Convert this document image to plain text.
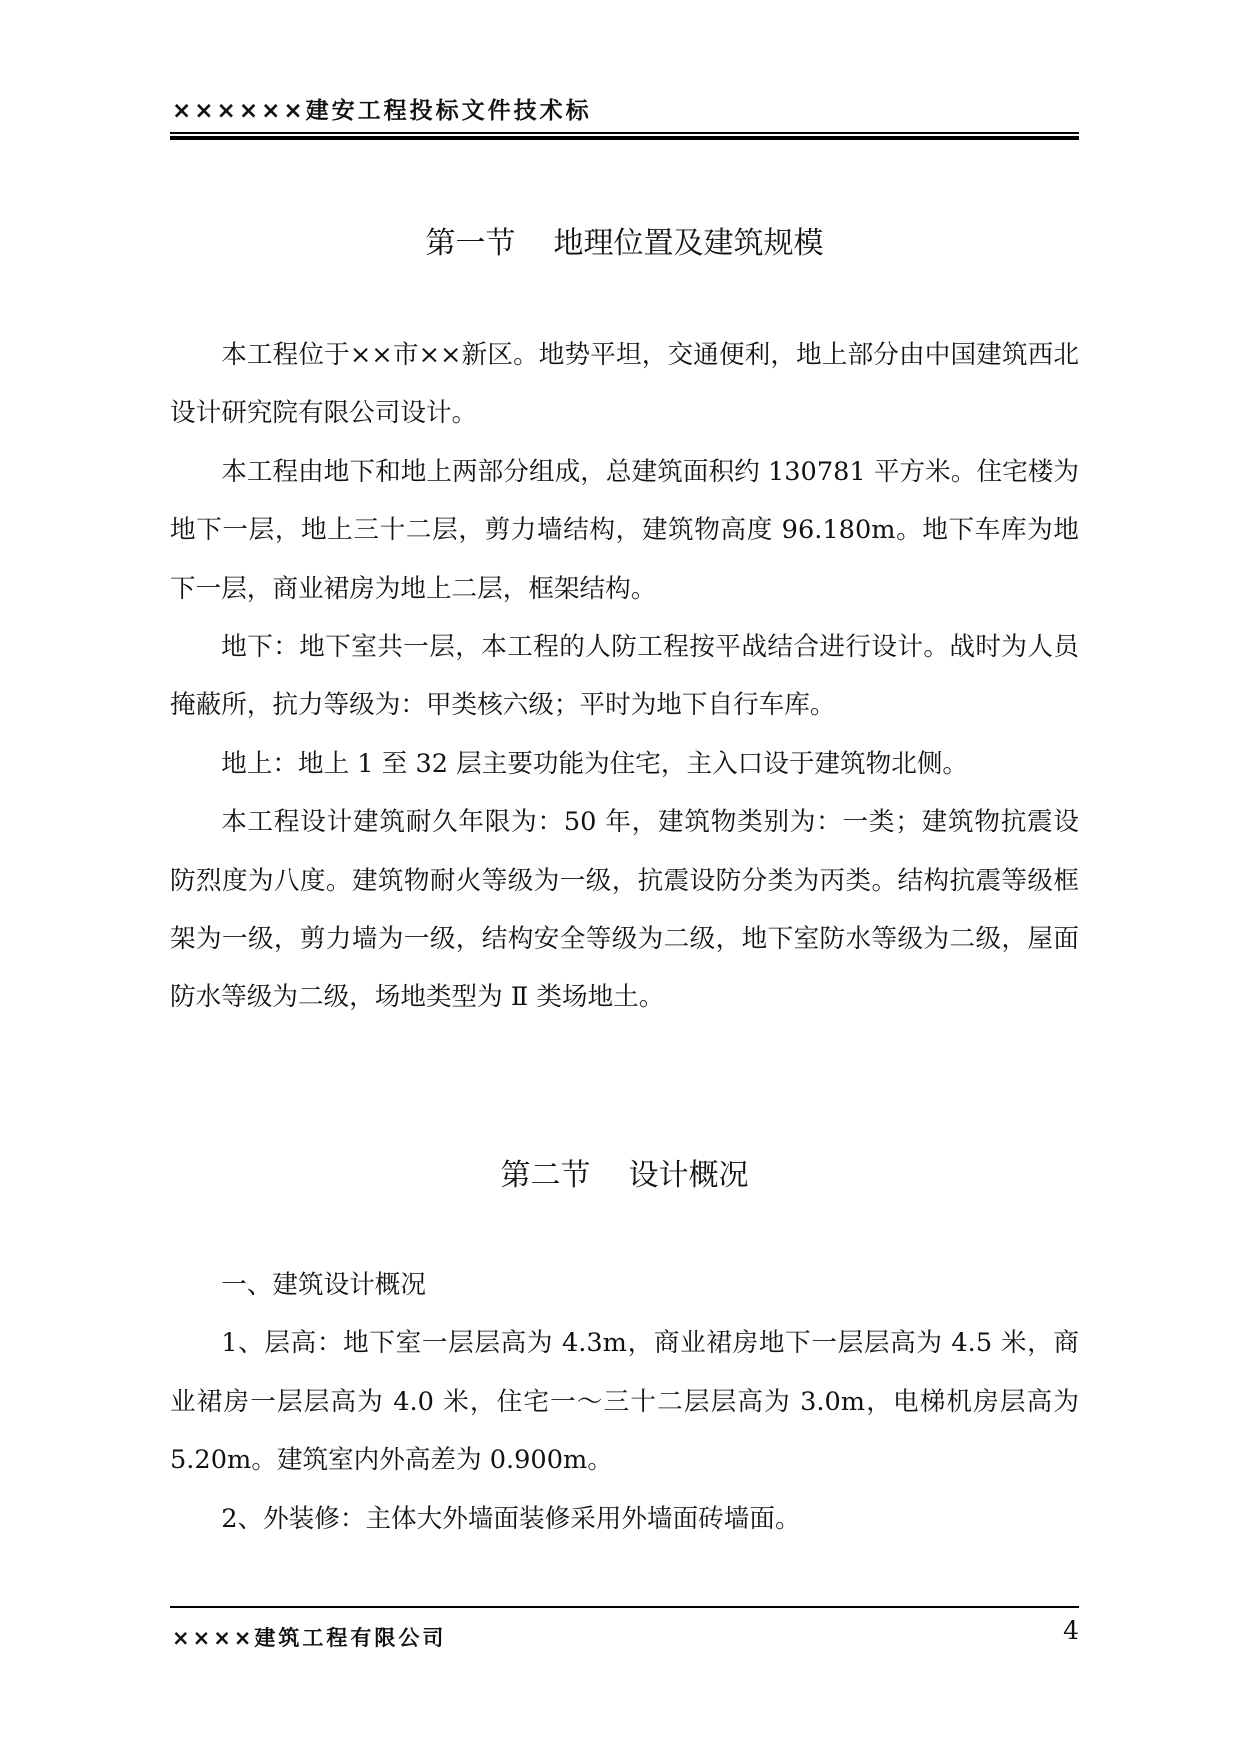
××××××建安工程投标文件技术标
第一节 地理位置及建筑规模

本工程位于××市××新区。地势平坦，交通便利，地上部分由中国建筑西北设计研究院有限公司设计。

本工程由地下和地上两部分组成，总建筑面积约 130781 平方米。住宅楼为地下一层，地上三十二层，剪力墙结构，建筑物高度 96.180m。地下车库为地下一层，商业裙房为地上二层，框架结构。

地下：地下室共一层，本工程的人防工程按平战结合进行设计。战时为人员掩蔽所，抗力等级为：甲类核六级；平时为地下自行车库。

地上：地上 1 至 32 层主要功能为住宅，主入口设于建筑物北侧。

本工程设计建筑耐久年限为：50 年，建筑物类别为：一类；建筑物抗震设防烈度为八度。建筑物耐火等级为一级，抗震设防分类为丙类。结构抗震等级框架为一级，剪力墙为一级，结构安全等级为二级，地下室防水等级为二级，屋面防水等级为二级，场地类型为 Ⅱ 类场地土。

第二节 设计概况

一、建筑设计概况

1、层高：地下室一层层高为 4.3m，商业裙房地下一层层高为 4.5 米，商业裙房一层层高为 4.0 米，住宅一～三十二层层高为 3.0m，电梯机房层高为 5.20m。建筑室内外高差为 0.900m。

2、外装修：主体大外墙面装修采用外墙面砖墙面。

××××建筑工程有限公司	4
